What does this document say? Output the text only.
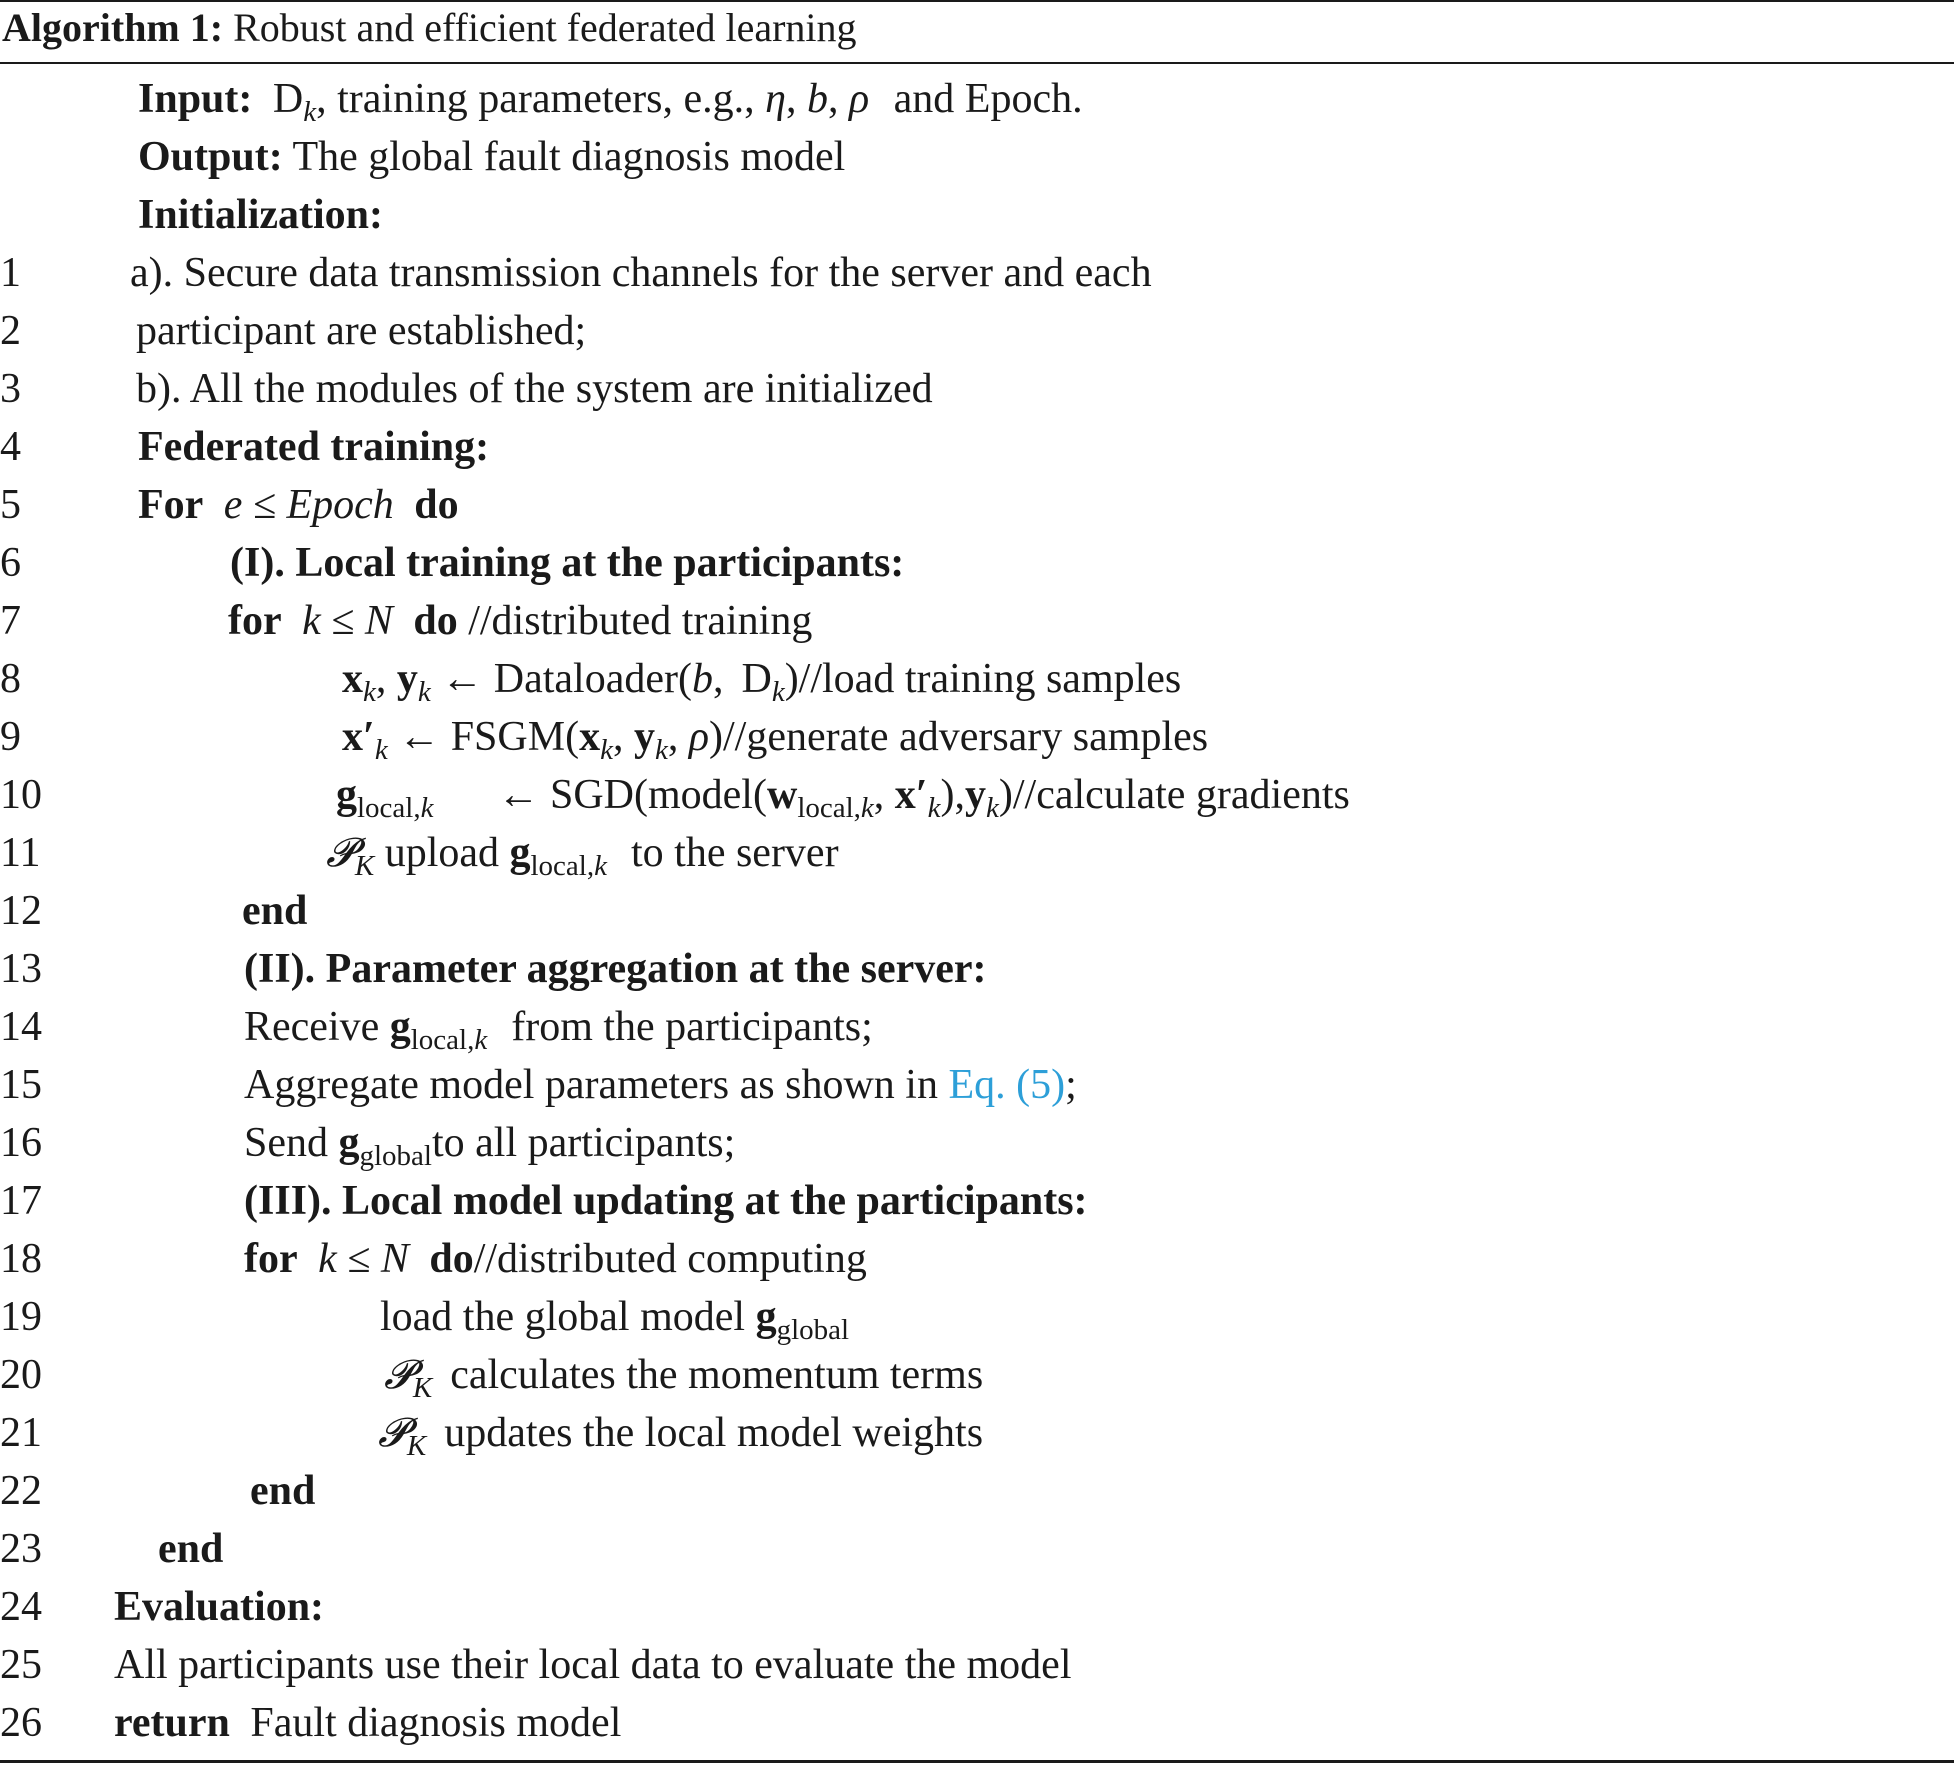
Algorithm 1: Robust and efficient federated learning
Input: $D_k$, training parameters, e.g., η, b, ρ and Epoch.
Output: The global fault diagnosis model
Initialization:
1	a). Secure data transmission channels for the server and each
2	participant are established;
3	b). All the modules of the system are initialized
4	Federated training:
5	For e ≤ Epoch do
6	(I). Local training at the participants:
7	for k ≤ N do //distributed training
8	$x_k$, $y_k$ ← Dataloader(b, $D_k)/$/load training samples
9	$x'_k$ ← $FSGM(x_k$, $y_k$, ρ)//generate adversary samples
10	$g_{local,k}$ ← $SGD(model(w_{local,k}$, $x'_k),y_k)/$/calculate gradients
11	𝓟$_K$ upload $g_{local,k}$ to the server
12	end
13	(II). Parameter aggregation at the server:
14	Receive $g_{local,k}$ from the participants;
15	Aggregate model parameters as shown in Eq. (5);
16	Send $g_{global}to$ all participants;
17	(III). Local model updating at the participants:
18	for k ≤ N do//distributed computing
19	load the global model $g_{global}$
20	𝓟$_K$ calculates the momentum terms
21	𝓟$_K$ updates the local model weights
22	end
23	end
24	Evaluation:
25	All participants use their local data to evaluate the model
26	return Fault diagnosis model
